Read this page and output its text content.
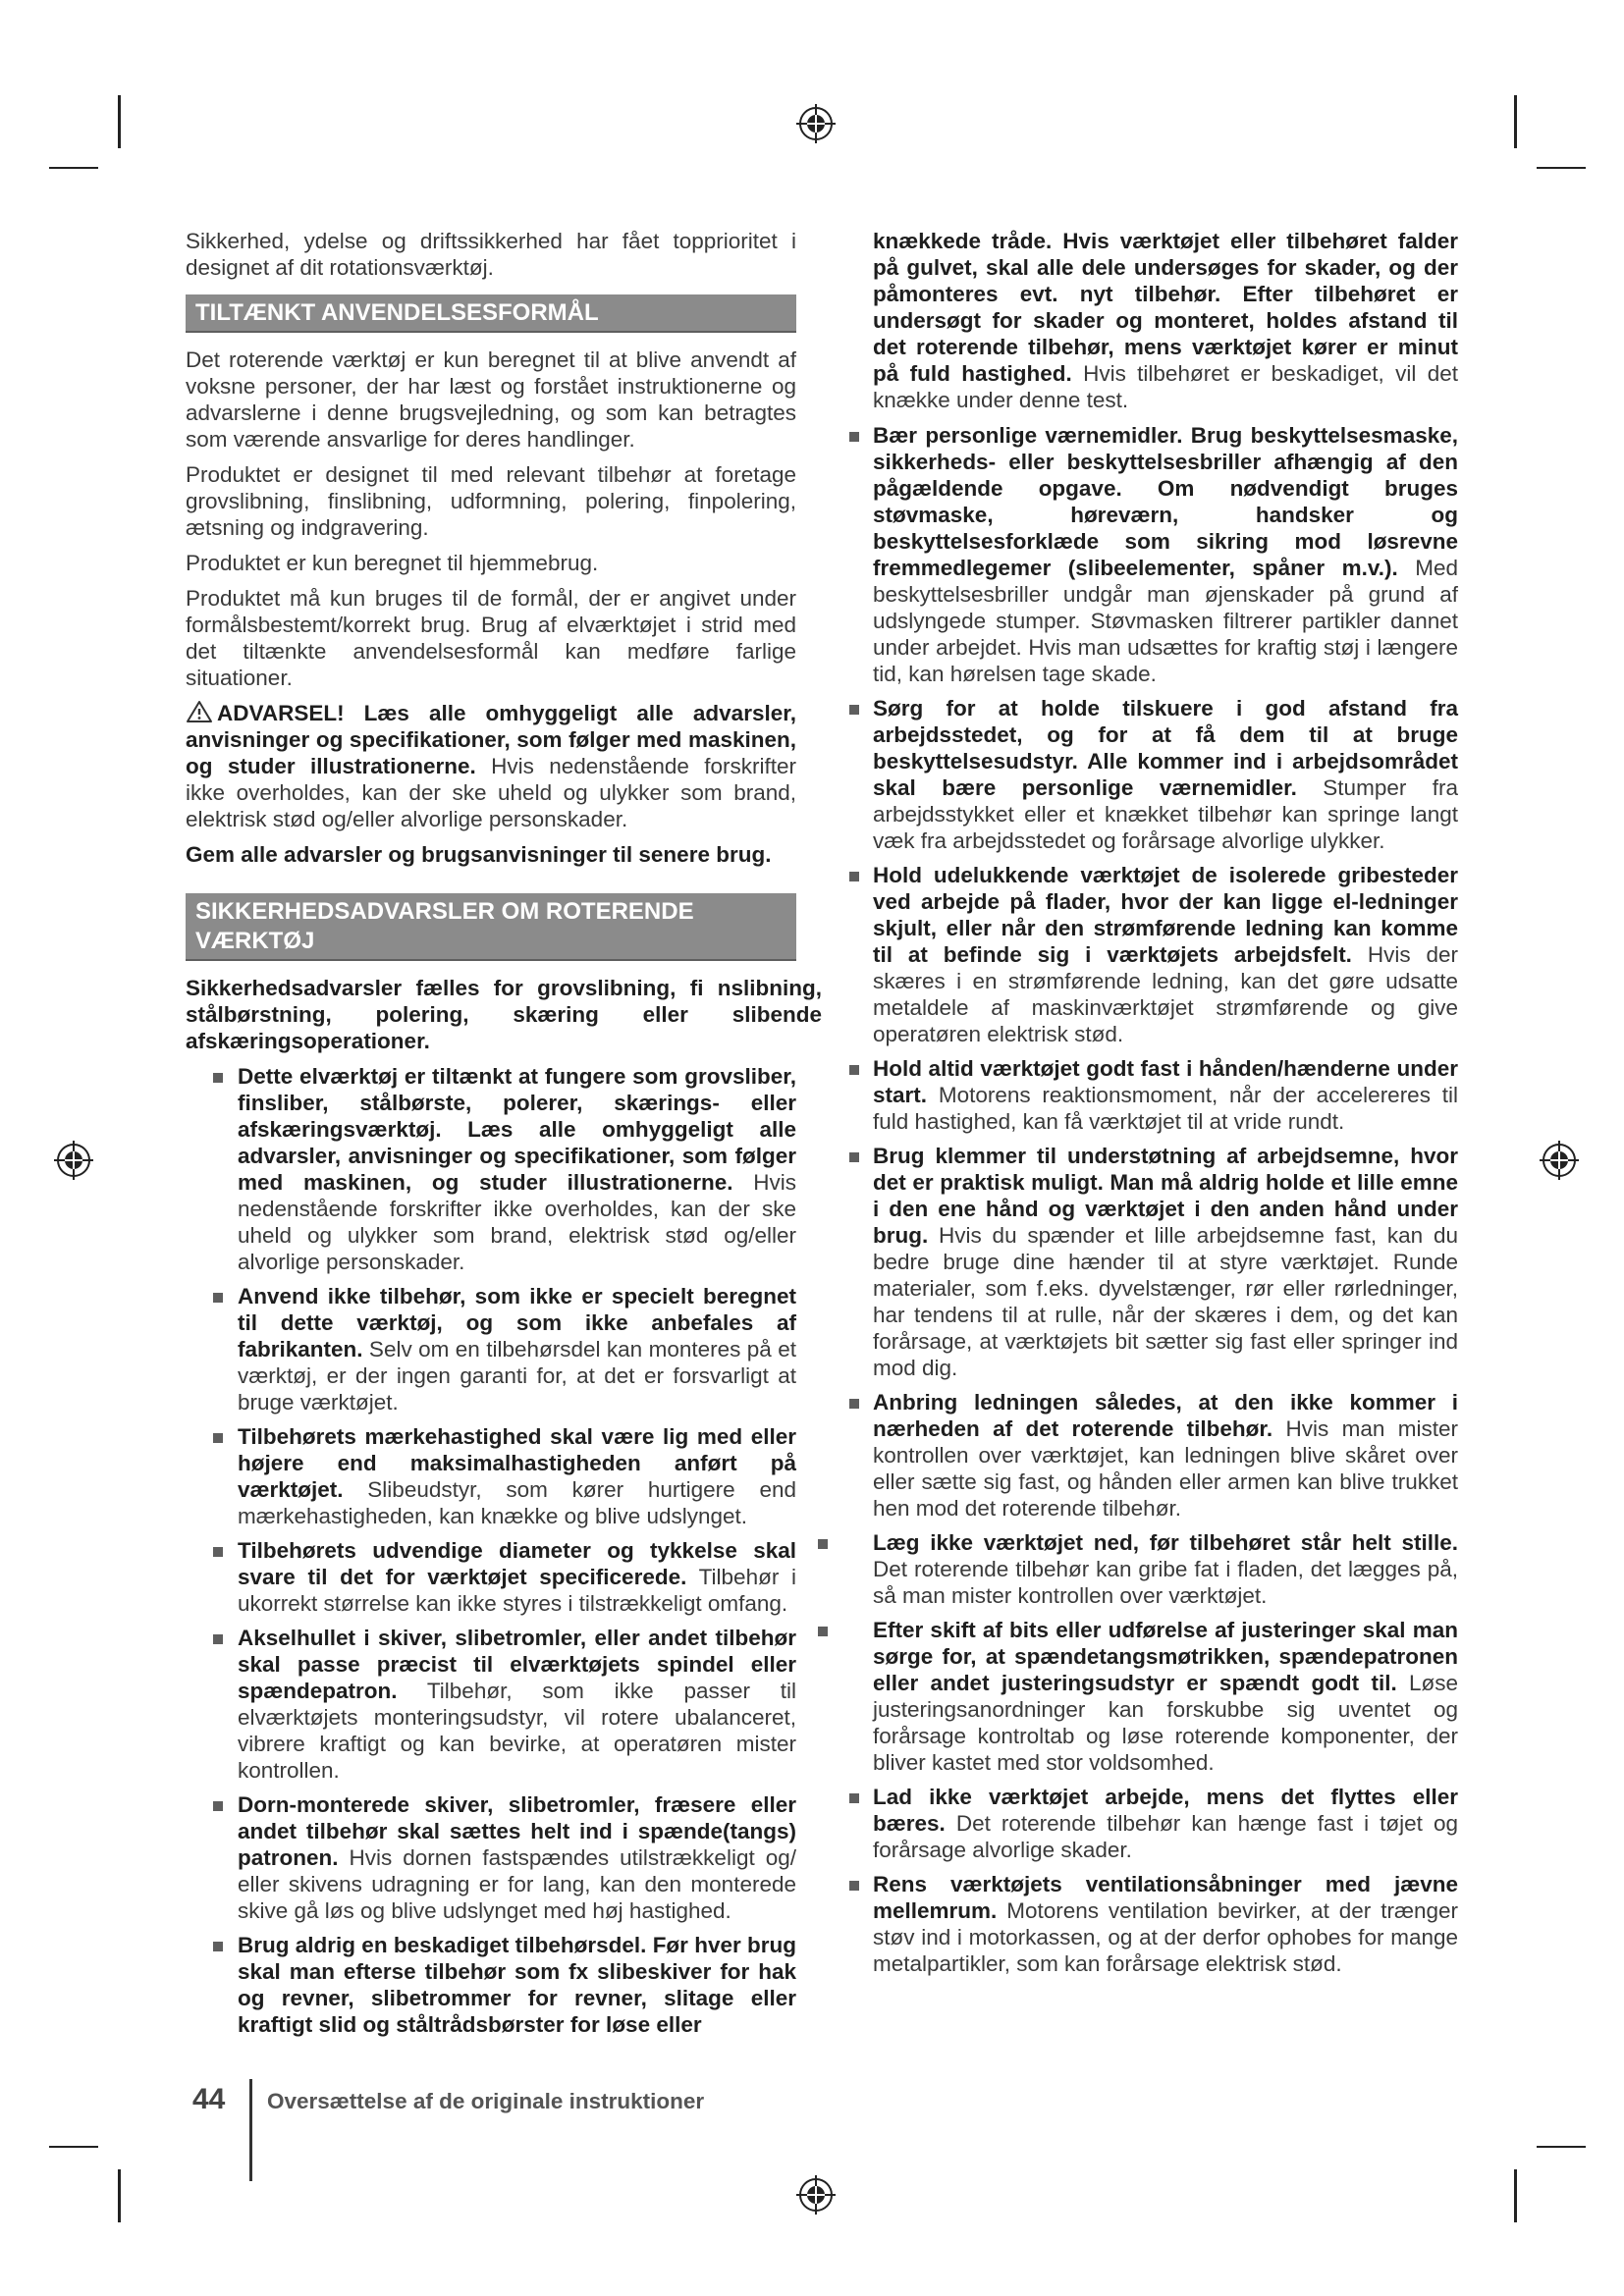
Sikkerhed, ydelse og driftssikkerhed har fået topprioritet i designet af dit rotationsværktøj.

TILTÆNKT ANVENDELSESFORMÅL

Det roterende værktøj er kun beregnet til at blive anvendt af voksne personer, der har læst og forstået instruktionerne og advarslerne i denne brugsvejledning, og som kan betragtes som værende ansvarlige for deres handlinger.

Produktet er designet til med relevant tilbehør at foretage grovslibning, finslibning, udformning, polering, finpolering, ætsning og indgravering.

Produktet er kun beregnet til hjemmebrug.

Produktet må kun bruges til de formål, der er angivet under formålsbestemt/korrekt brug. Brug af elværktøjet i strid med det tiltænkte anvendelsesformål kan medføre farlige situationer.

ADVARSEL! Læs alle omhyggeligt alle advarsler, anvisninger og specifikationer, som følger med maskinen, og studer illustrationerne. Hvis nedenstående forskrifter ikke overholdes, kan der ske uheld og ulykker som brand, elektrisk stød og/eller alvorlige personskader.

Gem alle advarsler og brugsanvisninger til senere brug.

SIKKERHEDSADVARSLER OM ROTERENDE VÆRKTØJ

Sikkerhedsadvarsler fælles for grovslibning, fi nslibning, stålbørstning, polering, skæring eller slibende afskæringsoperationer.

Dette elværktøj er tiltænkt at fungere som grovsliber, finsliber, stålbørste, polerer, skærings- eller afskæringsværktøj. Læs alle omhyggeligt alle advarsler, anvisninger og specifikationer, som følger med maskinen, og studer illustrationerne. Hvis nedenstående forskrifter ikke overholdes, kan der ske uheld og ulykker som brand, elektrisk stød og/eller alvorlige personskader.

Anvend ikke tilbehør, som ikke er specielt beregnet til dette værktøj, og som ikke anbefales af fabrikanten. Selv om en tilbehørsdel kan monteres på et værktøj, er der ingen garanti for, at det er forsvarligt at bruge værktøjet.

Tilbehørets mærkehastighed skal være lig med eller højere end maksimalhastigheden anført på værktøjet. Slibeudstyr, som kører hurtigere end mærkehastigheden, kan knække og blive udslynget.

Tilbehørets udvendige diameter og tykkelse skal svare til det for værktøjet specificerede. Tilbehør i ukorrekt størrelse kan ikke styres i tilstrækkeligt omfang.

Akselhullet i skiver, slibetromler, eller andet tilbehør skal passe præcist til elværktøjets spindel eller spændepatron. Tilbehør, som ikke passer til elværktøjets monteringsudstyr, vil rotere ubalanceret, vibrere kraftigt og kan bevirke, at operatøren mister kontrollen.

Dorn-monterede skiver, slibetromler, fræsere eller andet tilbehør skal sættes helt ind i spænde(tangs) patronen. Hvis dornen fastspændes utilstrækkeligt og/ eller skivens udragning er for lang, kan den monterede skive gå løs og blive udslynget med høj hastighed.

Brug aldrig en beskadiget tilbehørsdel. Før hver brug skal man efterse tilbehør som fx slibeskiver for hak og revner, slibetrommer for revner, slitage eller kraftigt slid og ståltrådsbørster for løse eller

knækkede tråde. Hvis værktøjet eller tilbehøret falder på gulvet, skal alle dele undersøges for skader, og der påmonteres evt. nyt tilbehør. Efter tilbehøret er undersøgt for skader og monteret, holdes afstand til det roterende tilbehør, mens værktøjet kører er minut på fuld hastighed. Hvis tilbehøret er beskadiget, vil det knække under denne test.

Bær personlige værnemidler. Brug beskyttelsesmaske, sikkerheds- eller beskyttelsesbriller afhængig af den pågældende opgave. Om nødvendigt bruges støvmaske, høreværn, handsker og beskyttelsesforklæde som sikring mod løsrevne fremmedlegemer (slibeelementer, spåner m.v.). Med beskyttelsesbriller undgår man øjenskader på grund af udslyngede stumper. Støvmasken filtrerer partikler dannet under arbejdet. Hvis man udsættes for kraftig støj i længere tid, kan hørelsen tage skade.

Sørg for at holde tilskuere i god afstand fra arbejdsstedet, og for at få dem til at bruge beskyttelsesudstyr. Alle kommer ind i arbejdsområdet skal bære personlige værnemidler. Stumper fra arbejdsstykket eller et knækket tilbehør kan springe langt væk fra arbejdsstedet og forårsage alvorlige ulykker.

Hold udelukkende værktøjet de isolerede gribesteder ved arbejde på flader, hvor der kan ligge el-ledninger skjult, eller når den strømførende ledning kan komme til at befinde sig i værktøjets arbejdsfelt. Hvis der skæres i en strømførende ledning, kan det gøre udsatte metaldele af maskinværktøjet strømførende og give operatøren elektrisk stød.

Hold altid værktøjet godt fast i hånden/hænderne under start. Motorens reaktionsmoment, når der accelereres til fuld hastighed, kan få værktøjet til at vride rundt.

Brug klemmer til understøtning af arbejdsemne, hvor det er praktisk muligt. Man må aldrig holde et lille emne i den ene hånd og værktøjet i den anden hånd under brug. Hvis du spænder et lille arbejdsemne fast, kan du bedre bruge dine hænder til at styre værktøjet. Runde materialer, som f.eks. dyvelstænger, rør eller rørledninger, har tendens til at rulle, når der skæres i dem, og det kan forårsage, at værktøjets bit sætter sig fast eller springer ind mod dig.

Anbring ledningen således, at den ikke kommer i nærheden af det roterende tilbehør. Hvis man mister kontrollen over værktøjet, kan ledningen blive skåret over eller sætte sig fast, og hånden eller armen kan blive trukket hen mod det roterende tilbehør.

Læg ikke værktøjet ned, før tilbehøret står helt stille. Det roterende tilbehør kan gribe fat i fladen, det lægges på, så man mister kontrollen over værktøjet.

Efter skift af bits eller udførelse af justeringer skal man sørge for, at spændetangsmøtrikken, spændepatronen eller andet justeringsudstyr er spændt godt til. Løse justeringsanordninger kan forskubbe sig uventet og forårsage kontroltab og løse roterende komponenter, der bliver kastet med stor voldsomhed.

Lad ikke værktøjet arbejde, mens det flyttes eller bæres. Det roterende tilbehør kan hænge fast i tøjet og forårsage alvorlige skader.

Rens værktøjets ventilationsåbninger med jævne mellemrum. Motorens ventilation bevirker, at der trænger støv ind i motorkassen, og at der derfor ophobes for mange metalpartikler, som kan forårsage elektrisk stød.

44 Oversættelse af de originale instruktioner
